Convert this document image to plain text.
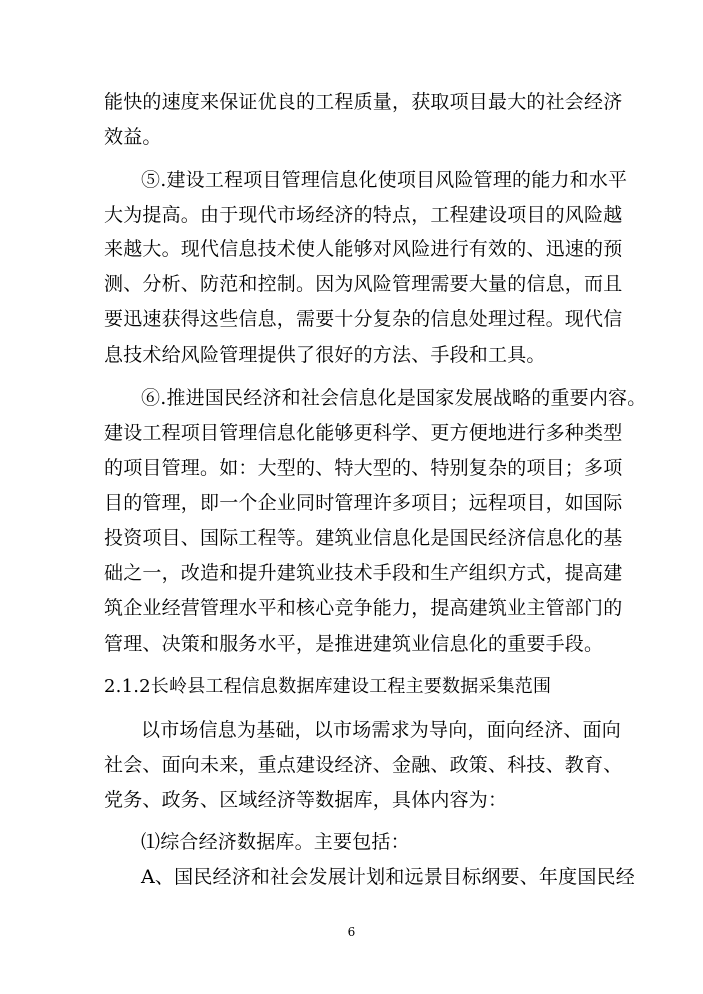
能快的速度来保证优良的工程质量，获取项目最大的社会经济
效益。
⑤.建设工程项目管理信息化使项目风险管理的能力和水平
大为提高。由于现代市场经济的特点，工程建设项目的风险越
来越大。现代信息技术使人能够对风险进行有效的、迅速的预
测、分析、防范和控制。因为风险管理需要大量的信息，而且
要迅速获得这些信息，需要十分复杂的信息处理过程。现代信
息技术给风险管理提供了很好的方法、手段和工具。
⑥.推进国民经济和社会信息化是国家发展战略的重要内容。
建设工程项目管理信息化能够更科学、更方便地进行多种类型
的项目管理。如：大型的、特大型的、特别复杂的项目；多项
目的管理，即一个企业同时管理许多项目；远程项目，如国际
投资项目、国际工程等。建筑业信息化是国民经济信息化的基
础之一，改造和提升建筑业技术手段和生产组织方式，提高建
筑企业经营管理水平和核心竞争能力，提高建筑业主管部门的
管理、决策和服务水平，是推进建筑业信息化的重要手段。
2.1.2长岭县工程信息数据库建设工程主要数据采集范围
以市场信息为基础，以市场需求为导向，面向经济、面向
社会、面向未来，重点建设经济、金融、政策、科技、教育、
党务、政务、区域经济等数据库，具体内容为：
⑴综合经济数据库。主要包括：
A、国民经济和社会发展计划和远景目标纲要、年度国民经
6
